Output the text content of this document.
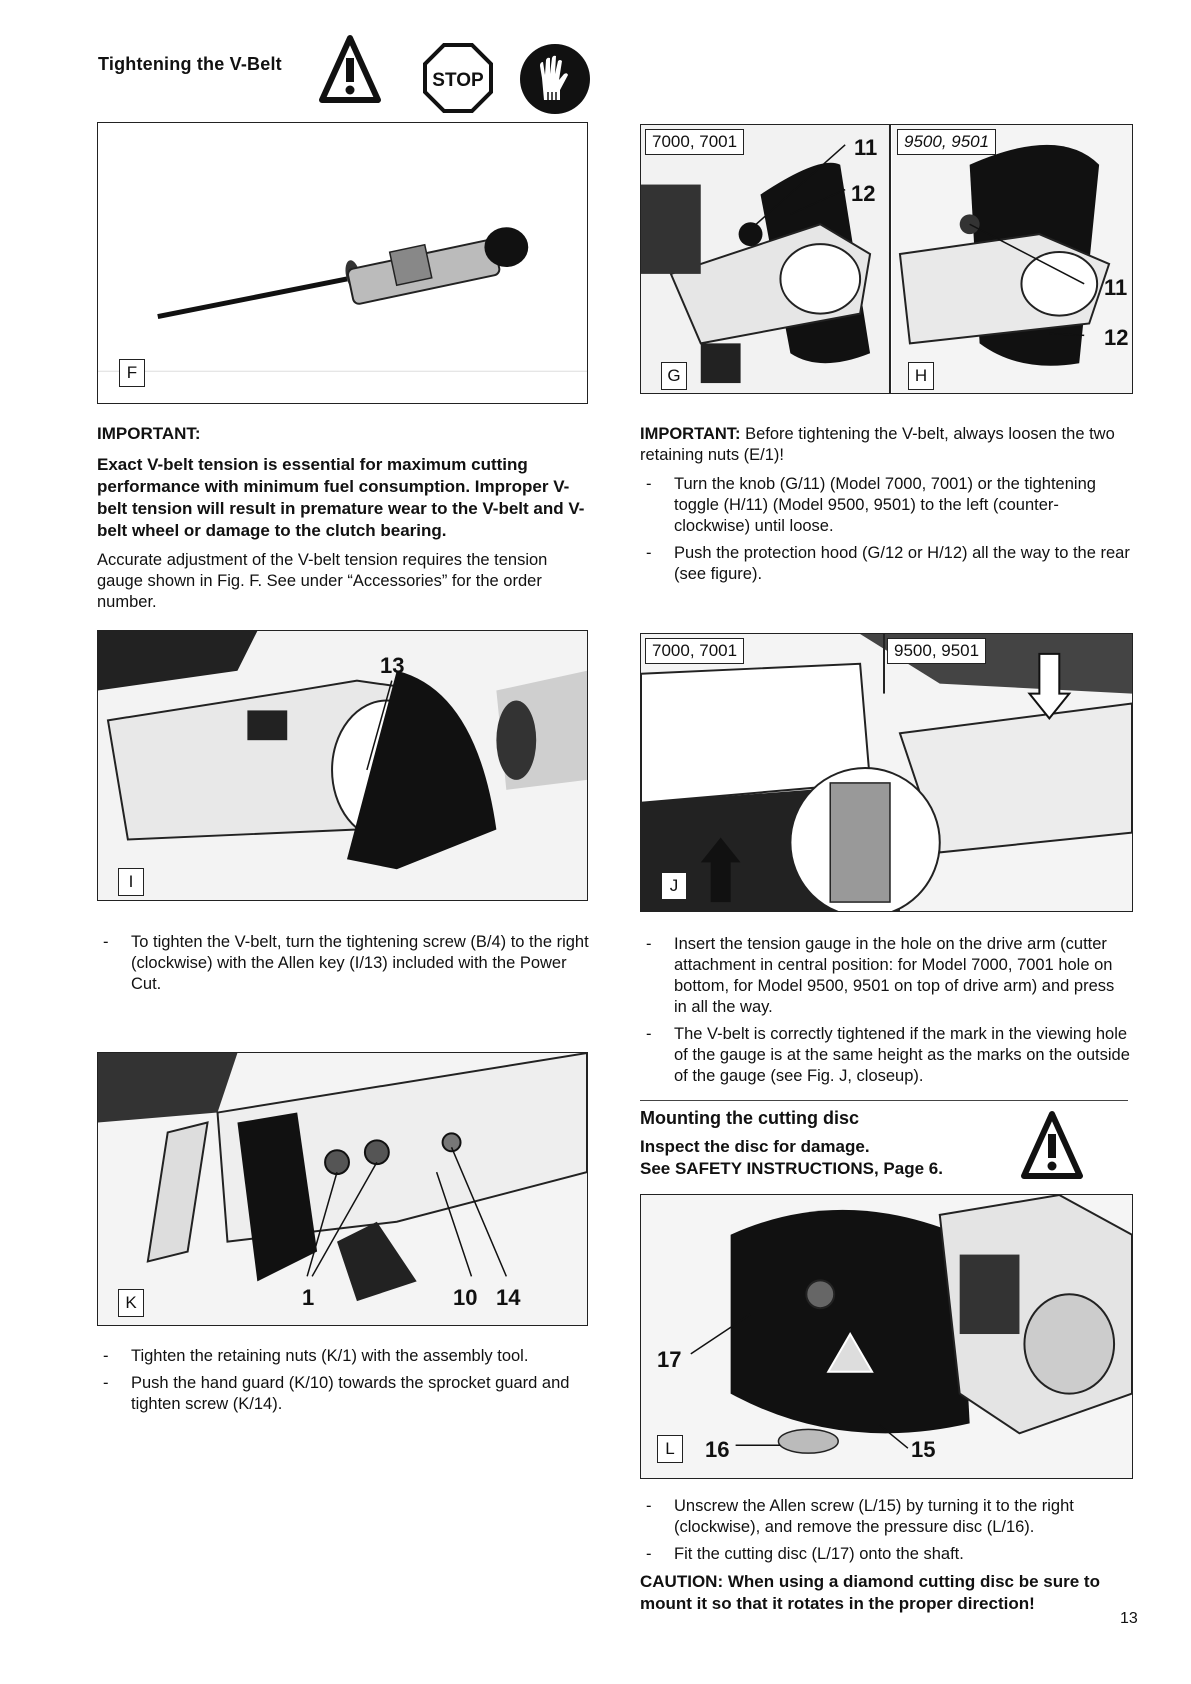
Tightening the V-Belt
STOP
F
7000, 7001	9500, 9501
11
12
11
12
G	H
IMPORTANT:
Exact V-belt tension is essential for maximum cutting performance with minimum fuel consumption. Improper V-belt tension will result in premature wear to the V-belt and V-belt wheel or damage to the clutch bearing.
Accurate adjustment of the V-belt tension requires the tension gauge shown in Fig. F. See under “Accessories” for the order number.
IMPORTANT: Before tightening the V-belt, always loosen the two retaining nuts (E/1)!
- Turn the knob (G/11) (Model 7000, 7001) or the tightening toggle (H/11) (Model 9500, 9501) to the left (counter-clockwise) until loose.
- Push the protection hood (G/12 or H/12) all the way to the rear (see figure).
13
I
7000, 7001	9500, 9501
J
- To tighten the V-belt, turn the tightening screw (B/4) to the right (clockwise) with the Allen key (I/13) included with the Power Cut.
- Insert the tension gauge in the hole on the drive arm (cutter attachment in central position: for Model 7000, 7001 hole on bottom, for Model 9500, 9501 on top of drive arm) and press in all the way.
- The V-belt is correctly tightened if the mark in the viewing hole of the gauge is at the same height as the marks on the outside of the gauge (see Fig. J, closeup).
Mounting the cutting disc
Inspect the disc for damage.
See SAFETY INSTRUCTIONS, Page 6.
1	10 14
K
- Tighten the retaining nuts (K/1) with the assembly tool.
- Push the hand guard (K/10) towards the sprocket guard and tighten screw (K/14).
17
16	15
L
- Unscrew the Allen screw (L/15) by turning it to the right (clockwise), and remove the pressure disc (L/16).
- Fit the cutting disc (L/17) onto the shaft.
CAUTION: When using a diamond cutting disc be sure to mount it so that it rotates in the proper direction!
13
